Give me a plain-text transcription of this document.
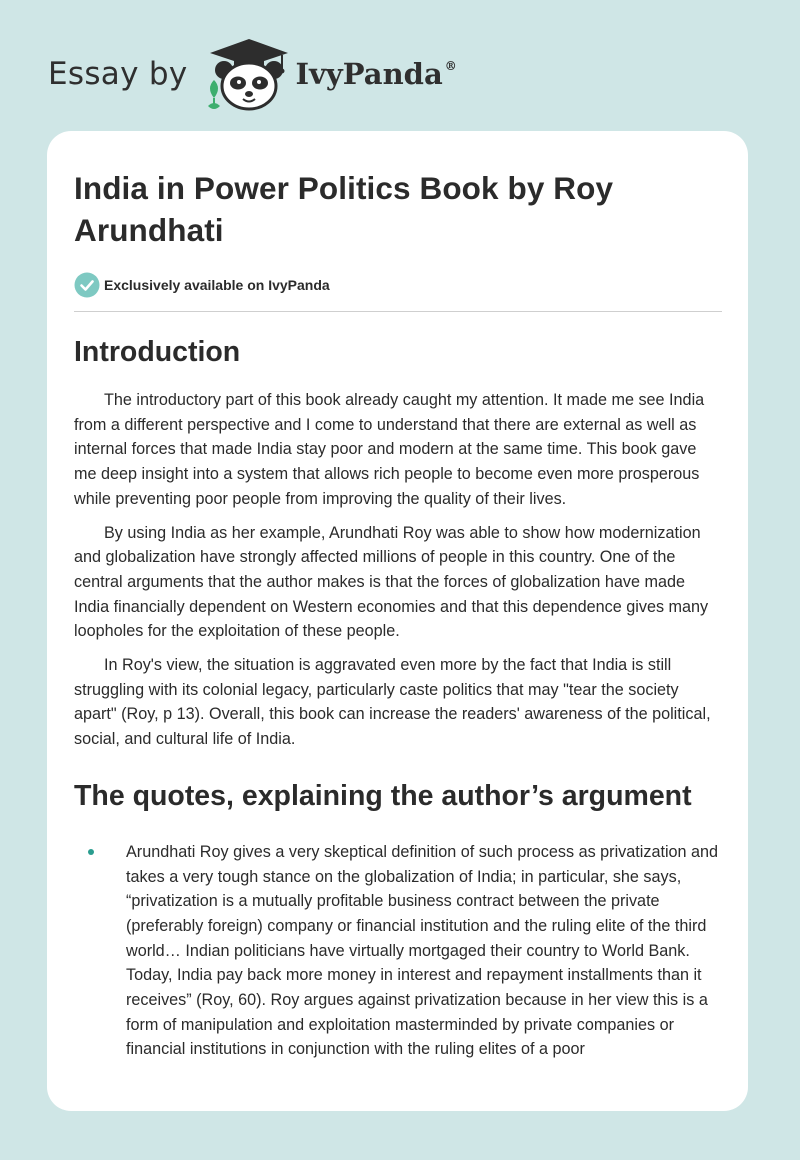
Essay by	IvyPanda ®
India in Power Politics Book by Roy Arundhati
Exclusively available on IvyPanda
Introduction

The introductory part of this book already caught my attention. It made me see India from a different perspective and I come to understand that there are external as well as internal forces that made India stay poor and modern at the same time. This book gave me deep insight into a system that allows rich people to become even more prosperous while preventing poor people from improving the quality of their lives.

By using India as her example, Arundhati Roy was able to show how modernization and globalization have strongly affected millions of people in this country. One of the central arguments that the author makes is that the forces of globalization have made India financially dependent on Western economies and that this dependence gives many loopholes for the exploitation of these people.

In Roy's view, the situation is aggravated even more by the fact that India is still struggling with its colonial legacy, particularly caste politics that may "tear the society apart" (Roy, p 13). Overall, this book can increase the readers' awareness of the political, social, and cultural life of India.

The quotes, explaining the author’s argument
Arundhati Roy gives a very skeptical definition of such process as privatization and takes a very tough stance on the globalization of India; in particular, she says, “privatization is a mutually profitable business contract between the private (preferably foreign) company or financial institution and the ruling elite of the third world… Indian politicians have virtually mortgaged their country to World Bank. Today, India pay back more money in interest and repayment installments than it receives” (Roy, 60). Roy argues against privatization because in her view this is a form of manipulation and exploitation masterminded by private companies or financial institutions in conjunction with the ruling elites of a poor
